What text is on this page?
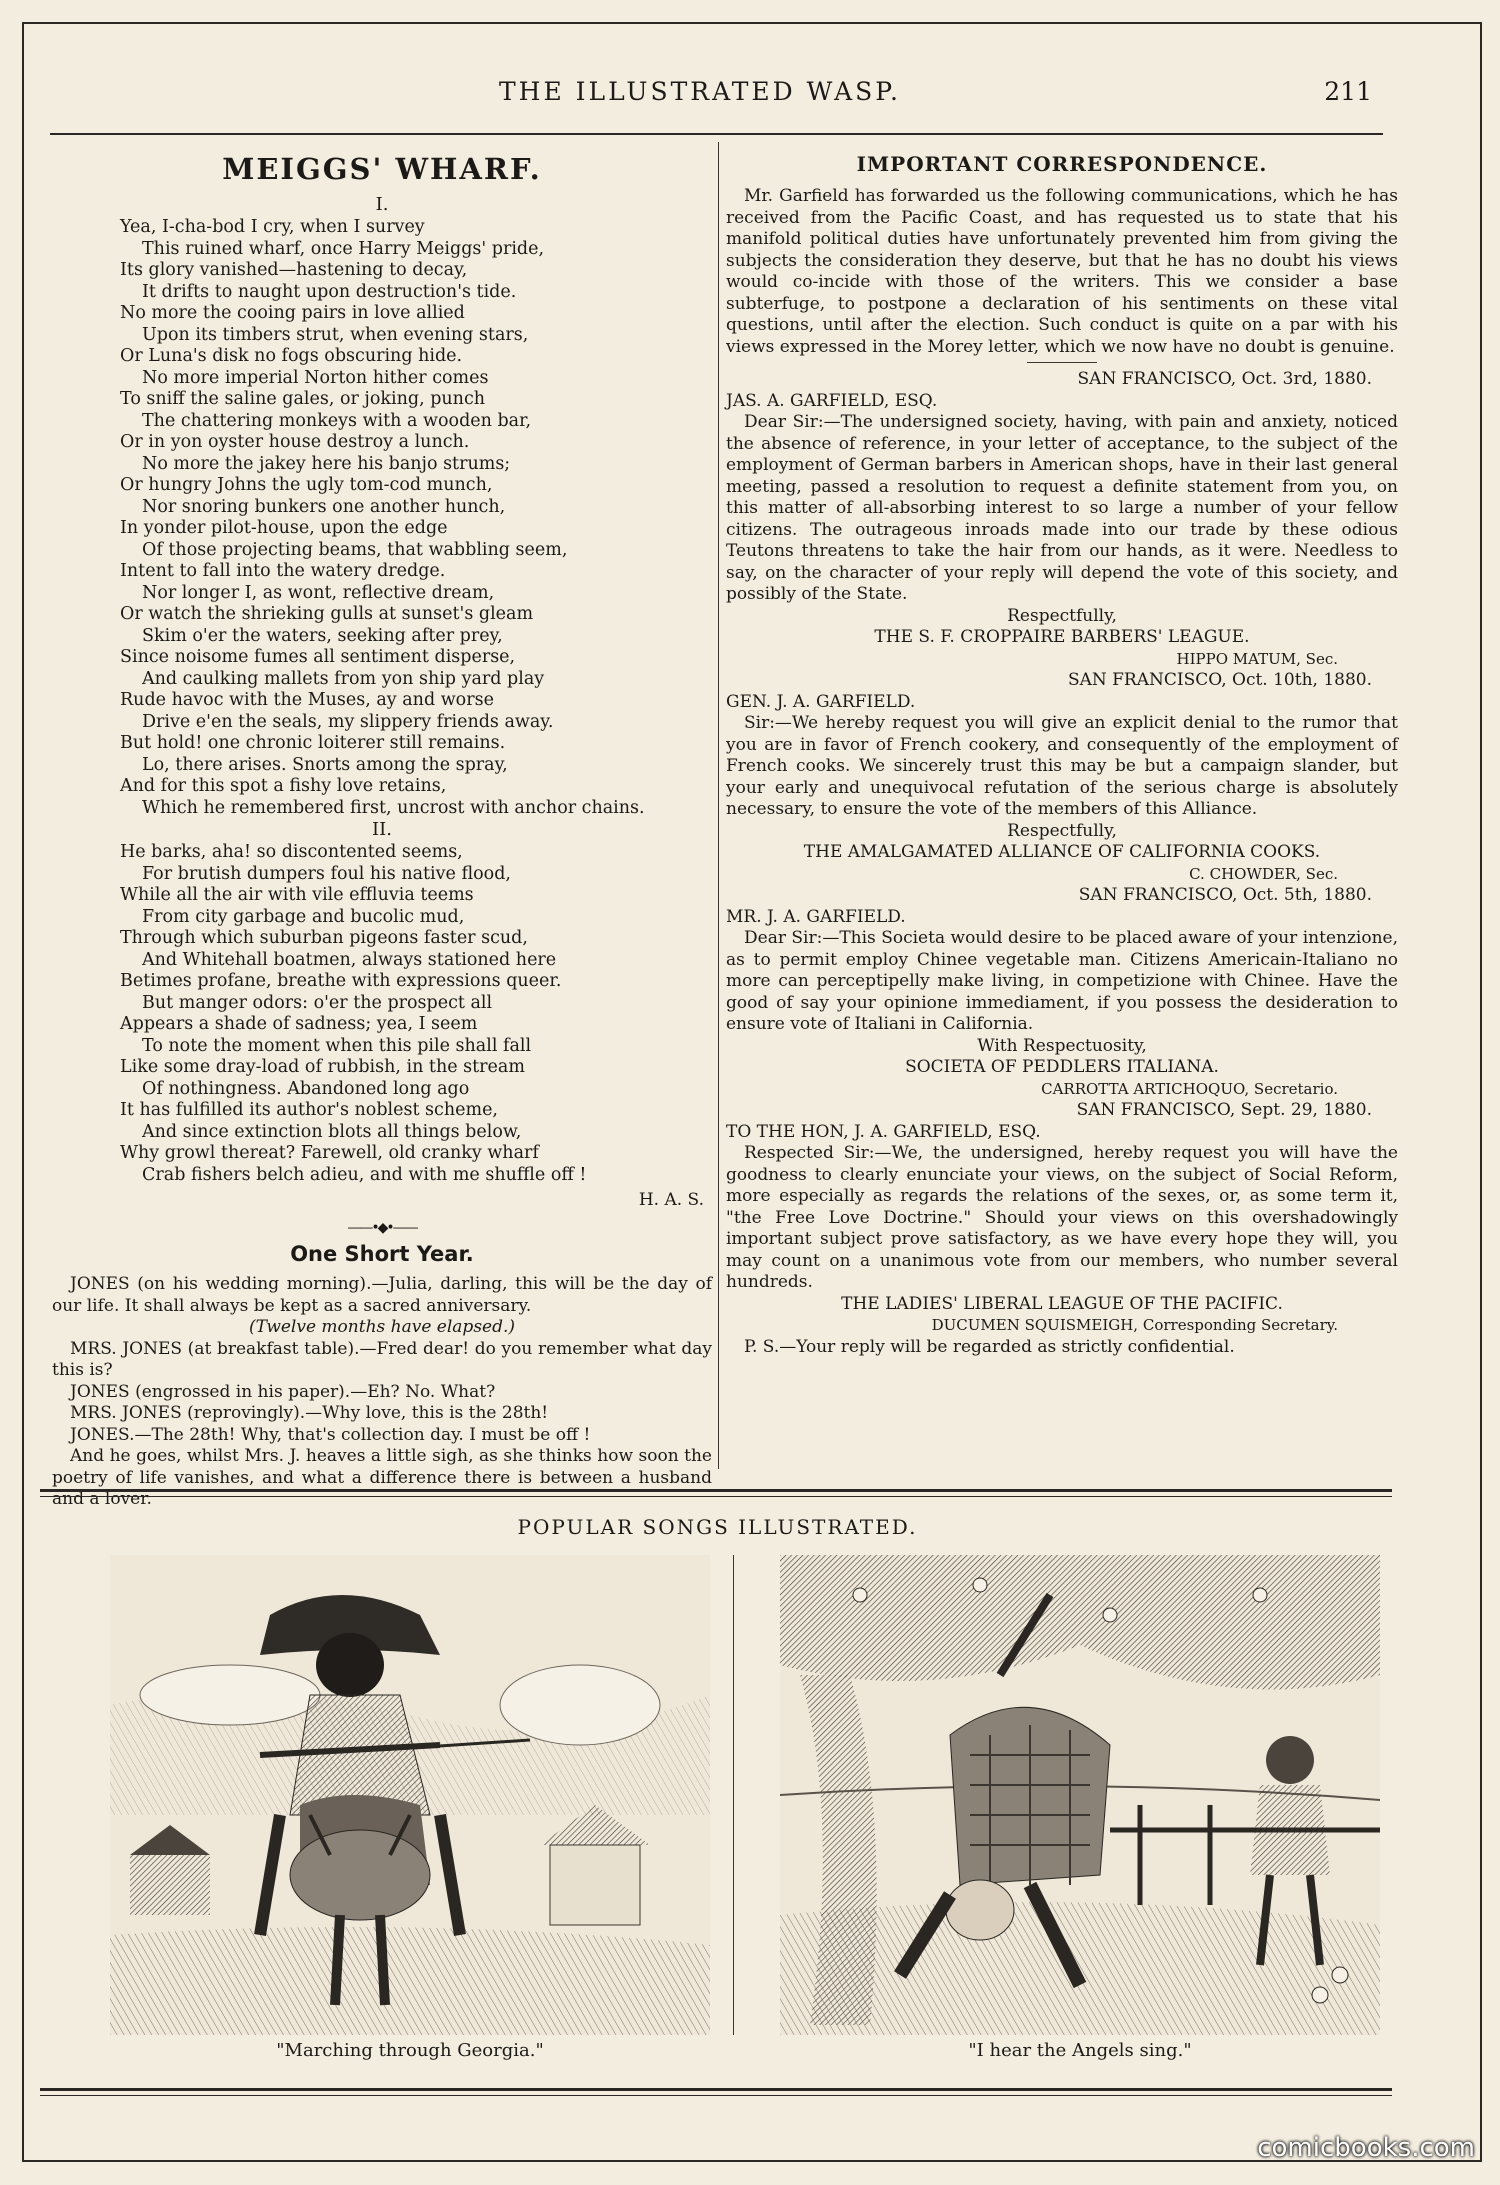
THE ILLUSTRATED WASP.	211
MEIGGS' WHARF.
I.
Yea, I-cha-bod I cry, when I survey
This ruined wharf, once Harry Meiggs' pride,
Its glory vanished—hastening to decay,
It drifts to naught upon destruction's tide.
No more the cooing pairs in love allied
Upon its timbers strut, when evening stars,
Or Luna's disk no fogs obscuring hide.
No more imperial Norton hither comes
To sniff the saline gales, or joking, punch
The chattering monkeys with a wooden bar,
Or in yon oyster house destroy a lunch.
No more the jakey here his banjo strums;
Or hungry Johns the ugly tom-cod munch,
Nor snoring bunkers one another hunch,
In yonder pilot-house, upon the edge
Of those projecting beams, that wabbling seem,
Intent to fall into the watery dredge.
Nor longer I, as wont, reflective dream,
Or watch the shrieking gulls at sunset's gleam
Skim o'er the waters, seeking after prey,
Since noisome fumes all sentiment disperse,
And caulking mallets from yon ship yard play
Rude havoc with the Muses, ay and worse
Drive e'en the seals, my slippery friends away.
But hold! one chronic loiterer still remains.
Lo, there arises. Snorts among the spray,
And for this spot a fishy love retains,
Which he remembered first, uncrost with anchor chains.
II.
He barks, aha! so discontented seems,
For brutish dumpers foul his native flood,
While all the air with vile effluvia teems
From city garbage and bucolic mud,
Through which suburban pigeons faster scud,
And Whitehall boatmen, always stationed here
Betimes profane, breathe with expressions queer.
But manger odors: o'er the prospect all
Appears a shade of sadness; yea, I seem
To note the moment when this pile shall fall
Like some dray-load of rubbish, in the stream
Of nothingness. Abandoned long ago
It has fulfilled its author's noblest scheme,
And since extinction blots all things below,
Why growl thereat? Farewell, old cranky wharf
Crab fishers belch adieu, and with me shuffle off !
H. A. S.
——•◆•——
One Short Year.

JONES (on his wedding morning).—Julia, darling, this will be the day of our life. It shall always be kept as a sacred anniversary.

(Twelve months have elapsed.)

MRS. JONES (at breakfast table).—Fred dear! do you remember what day this is?

JONES (engrossed in his paper).—Eh? No. What?

MRS. JONES (reprovingly).—Why love, this is the 28th!

JONES.—The 28th! Why, that's collection day. I must be off !

And he goes, whilst Mrs. J. heaves a little sigh, as she thinks how soon the poetry of life vanishes, and what a difference there is between a husband and a lover.

IMPORTANT CORRESPONDENCE.

Mr. Garfield has forwarded us the following communications, which he has received from the Pacific Coast, and has requested us to state that his manifold political duties have unfortunately prevented him from giving the subjects the consideration they deserve, but that he has no doubt his views would co-incide with those of the writers. This we consider a base subterfuge, to postpone a declaration of his sentiments on these vital questions, until after the election. Such conduct is quite on a par with his views expressed in the Morey letter, which we now have no doubt is genuine.

SAN FRANCISCO, Oct. 3rd, 1880.

JAS. A. GARFIELD, ESQ.

Dear Sir:—The undersigned society, having, with pain and anxiety, noticed the absence of reference, in your letter of acceptance, to the subject of the employment of German barbers in American shops, have in their last general meeting, passed a resolution to request a definite statement from you, on this matter of all-absorbing interest to so large a number of your fellow citizens. The outrageous inroads made into our trade by these odious Teutons threatens to take the hair from our hands, as it were. Needless to say, on the character of your reply will depend the vote of this society, and possibly of the State.

Respectfully,

THE S. F. CROPPAIRE BARBERS' LEAGUE.

HIPPO MATUM, Sec.

SAN FRANCISCO, Oct. 10th, 1880.

GEN. J. A. GARFIELD.

Sir:—We hereby request you will give an explicit denial to the rumor that you are in favor of French cookery, and consequently of the employment of French cooks. We sincerely trust this may be but a campaign slander, but your early and unequivocal refutation of the serious charge is absolutely necessary, to ensure the vote of the members of this Alliance.

Respectfully,

THE AMALGAMATED ALLIANCE OF CALIFORNIA COOKS.

C. CHOWDER, Sec.

SAN FRANCISCO, Oct. 5th, 1880.

MR. J. A. GARFIELD.

Dear Sir:—This Societa would desire to be placed aware of your intenzione, as to permit employ Chinee vegetable man. Citizens Americain-Italiano no more can perceptipelly make living, in competizione with Chinee. Have the good of say your opinione immediament, if you possess the desideration to ensure vote of Italiani in California.

With Respectuosity,

SOCIETA OF PEDDLERS ITALIANA.

CARROTTA ARTICHOQUO, Secretario.

SAN FRANCISCO, Sept. 29, 1880.

TO THE HON, J. A. GARFIELD, ESQ.

Respected Sir:—We, the undersigned, hereby request you will have the goodness to clearly enunciate your views, on the subject of Social Reform, more especially as regards the relations of the sexes, or, as some term it, "the Free Love Doctrine." Should your views on this overshadowingly important subject prove satisfactory, as we have every hope they will, you may count on a unanimous vote from our members, who number several hundreds.

THE LADIES' LIBERAL LEAGUE OF THE PACIFIC.

DUCUMEN SQUISMEIGH, Corresponding Secretary.

P. S.—Your reply will be regarded as strictly confidential.

POPULAR SONGS ILLUSTRATED.
"Marching through Georgia."	"I hear the Angels sing."
comicbooks.com
